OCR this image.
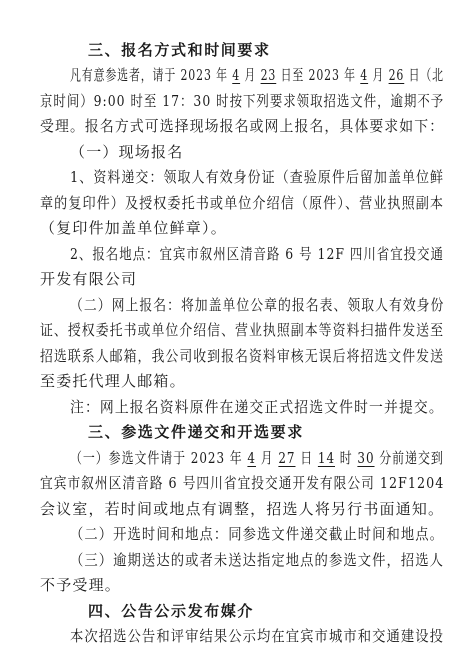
三、报名方式和时间要求
凡有意参选者，请于 2023 年 4 月 23 日至 2023 年 4 月 26 日（北
京时间）9:00 时至 17：30 时按下列要求领取招选文件，逾期不予
受理。报名方式可选择现场报名或网上报名，具体要求如下：
（一）现场报名
1、资料递交：领取人有效身份证（查验原件后留加盖单位鲜
章的复印件）及授权委托书或单位介绍信（原件）、营业执照副本
（复印件加盖单位鲜章）。
2、报名地点：宜宾市叙州区清音路 6 号 12F 四川省宜投交通
开发有限公司
（二）网上报名：将加盖单位公章的报名表、领取人有效身份
证、授权委托书或单位介绍信、营业执照副本等资料扫描件发送至
招选联系人邮箱，我公司收到报名资料审核无误后将招选文件发送
至委托代理人邮箱。
注：网上报名资料原件在递交正式招选文件时一并提交。
三、参选文件递交和开选要求
（一）参选文件请于 2023 年 4 月 27 日 14 时 30 分前递交到
宜宾市叙州区清音路 6 号四川省宜投交通开发有限公司 12F1204
会议室，若时间或地点有调整，招选人将另行书面通知。
（二）开选时间和地点：同参选文件递交截止时间和地点。
（三）逾期送达的或者未送达指定地点的参选文件，招选人
不予受理。
四、公告公示发布媒介
本次招选公告和评审结果公示均在宜宾市城市和交通建设投
